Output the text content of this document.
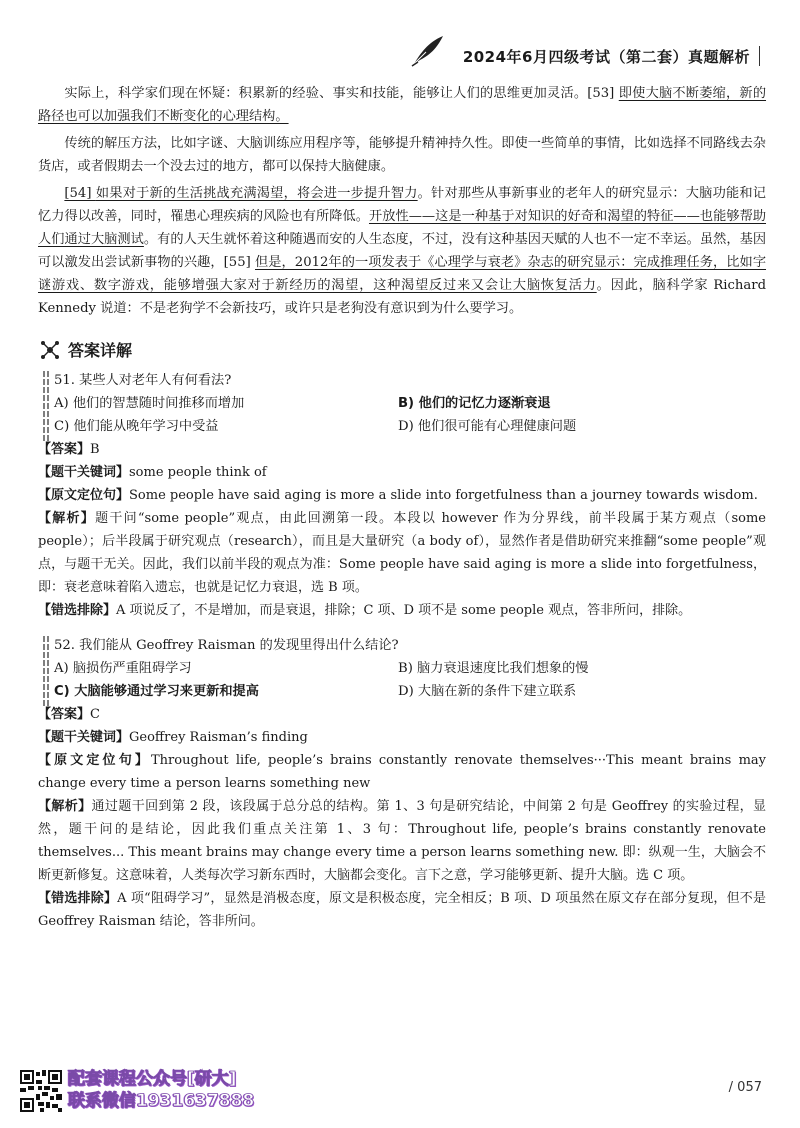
2024年6月四级考试（第二套）真题解析

实际上，科学家们现在怀疑：积累新的经验、事实和技能，能够让人们的思维更加灵活。[53] 即使大脑不断萎缩，新的路径也可以加强我们不断变化的心理结构。

传统的解压方法，比如字谜、大脑训练应用程序等，能够提升精神持久性。即使一些简单的事情，比如选择不同路线去杂货店，或者假期去一个没去过的地方，都可以保持大脑健康。

[54] 如果对于新的生活挑战充满渴望，将会进一步提升智力。针对那些从事新事业的老年人的研究显示：大脑功能和记忆力得以改善，同时，罹患心理疾病的风险也有所降低。开放性——这是一种基于对知识的好奇和渴望的特征——也能够帮助人们通过大脑测试。有的人天生就怀着这种随遇而安的人生态度，不过，没有这种基因天赋的人也不一定不幸运。虽然，基因可以激发出尝试新事物的兴趣，[55] 但是，2012年的一项发表于《心理学与衰老》杂志的研究显示：完成推理任务，比如字谜游戏、数字游戏，能够增强大家对于新经历的渴望，这种渴望反过来又会让大脑恢复活力。因此，脑科学家 Richard Kennedy 说道：不是老狗学不会新技巧，或许只是老狗没有意识到为什么要学习。

答案详解
51. 某些人对老年人有何看法?
A) 他们的智慧随时间推移而增加	B) 他们的记忆力逐渐衰退
C) 他们能从晚年学习中受益	D) 他们很可能有心理健康问题
【答案】B
【题干关键词】some people think of
【原文定位句】Some people have said aging is more a slide into forgetfulness than a journey towards wisdom.
【解析】题干问“some people”观点，由此回溯第一段。本段以 however 作为分界线，前半段属于某方观点（some people）；后半段属于研究观点（research），而且是大量研究（a body of），显然作者是借助研究来推翻“some people”观点，与题干无关。因此，我们以前半段的观点为准：Some people have said aging is more a slide into forgetfulness，即：衰老意味着陷入遗忘，也就是记忆力衰退，选 B 项。
【错选排除】A 项说反了，不是增加，而是衰退，排除；C 项、D 项不是 some people 观点，答非所问，排除。
52. 我们能从 Geoffrey Raisman 的发现里得出什么结论?
A) 脑损伤严重阻碍学习	B) 脑力衰退速度比我们想象的慢
C) 大脑能够通过学习来更新和提高	D) 大脑在新的条件下建立联系
【答案】C
【题干关键词】Geoffrey Raisman’s finding
【原文定位句】Throughout life, people’s brains constantly renovate themselves···This meant brains may change every time a person learns something new
【解析】通过题干回到第 2 段，该段属于总分总的结构。第 1、3 句是研究结论，中间第 2 句是 Geoffrey 的实验过程，显然，题干问的是结论，因此我们重点关注第 1、3 句：Throughout life, people’s brains constantly renovate themselves... This meant brains may change every time a person learns something new. 即：纵观一生，大脑会不断更新修复。这意味着，人类每次学习新东西时，大脑都会变化。言下之意，学习能够更新、提升大脑。选 C 项。
【错选排除】A 项“阻碍学习”，显然是消极态度，原文是积极态度，完全相反；B 项、D 项虽然在原文存在部分复现，但不是 Geoffrey Raisman 结论，答非所问。
配套课程公众号[研大]
联系微信1931637888
/ 057
